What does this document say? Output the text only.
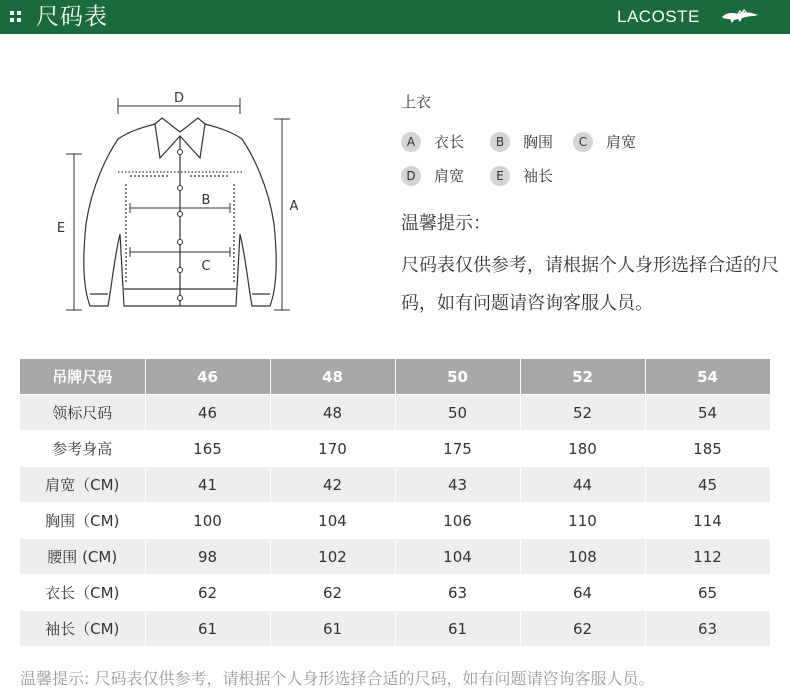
尺码表	LACOSTE
D
A
E
B
C
上衣
A	衣长	B	胸围	C	肩宽
D	肩宽	E	袖长
温馨提示：
尺码表仅供参考，请根据个人身形选择合适的尺码，如有问题请咨询客服人员。
吊牌尺码	46	48	50	52	54
领标尺码	46	48	50	52	54
参考身高	165	170	175	180	185
肩宽（CM)	41	42	43	44	45
胸围（CM)	100	104	106	110	114
腰围 (CM)	98	102	104	108	112
衣长（CM)	62	62	63	64	65
袖长（CM)	61	61	61	62	63
温馨提示: 尺码表仅供参考，请根据个人身形选择合适的尺码，如有问题请咨询客服人员。
